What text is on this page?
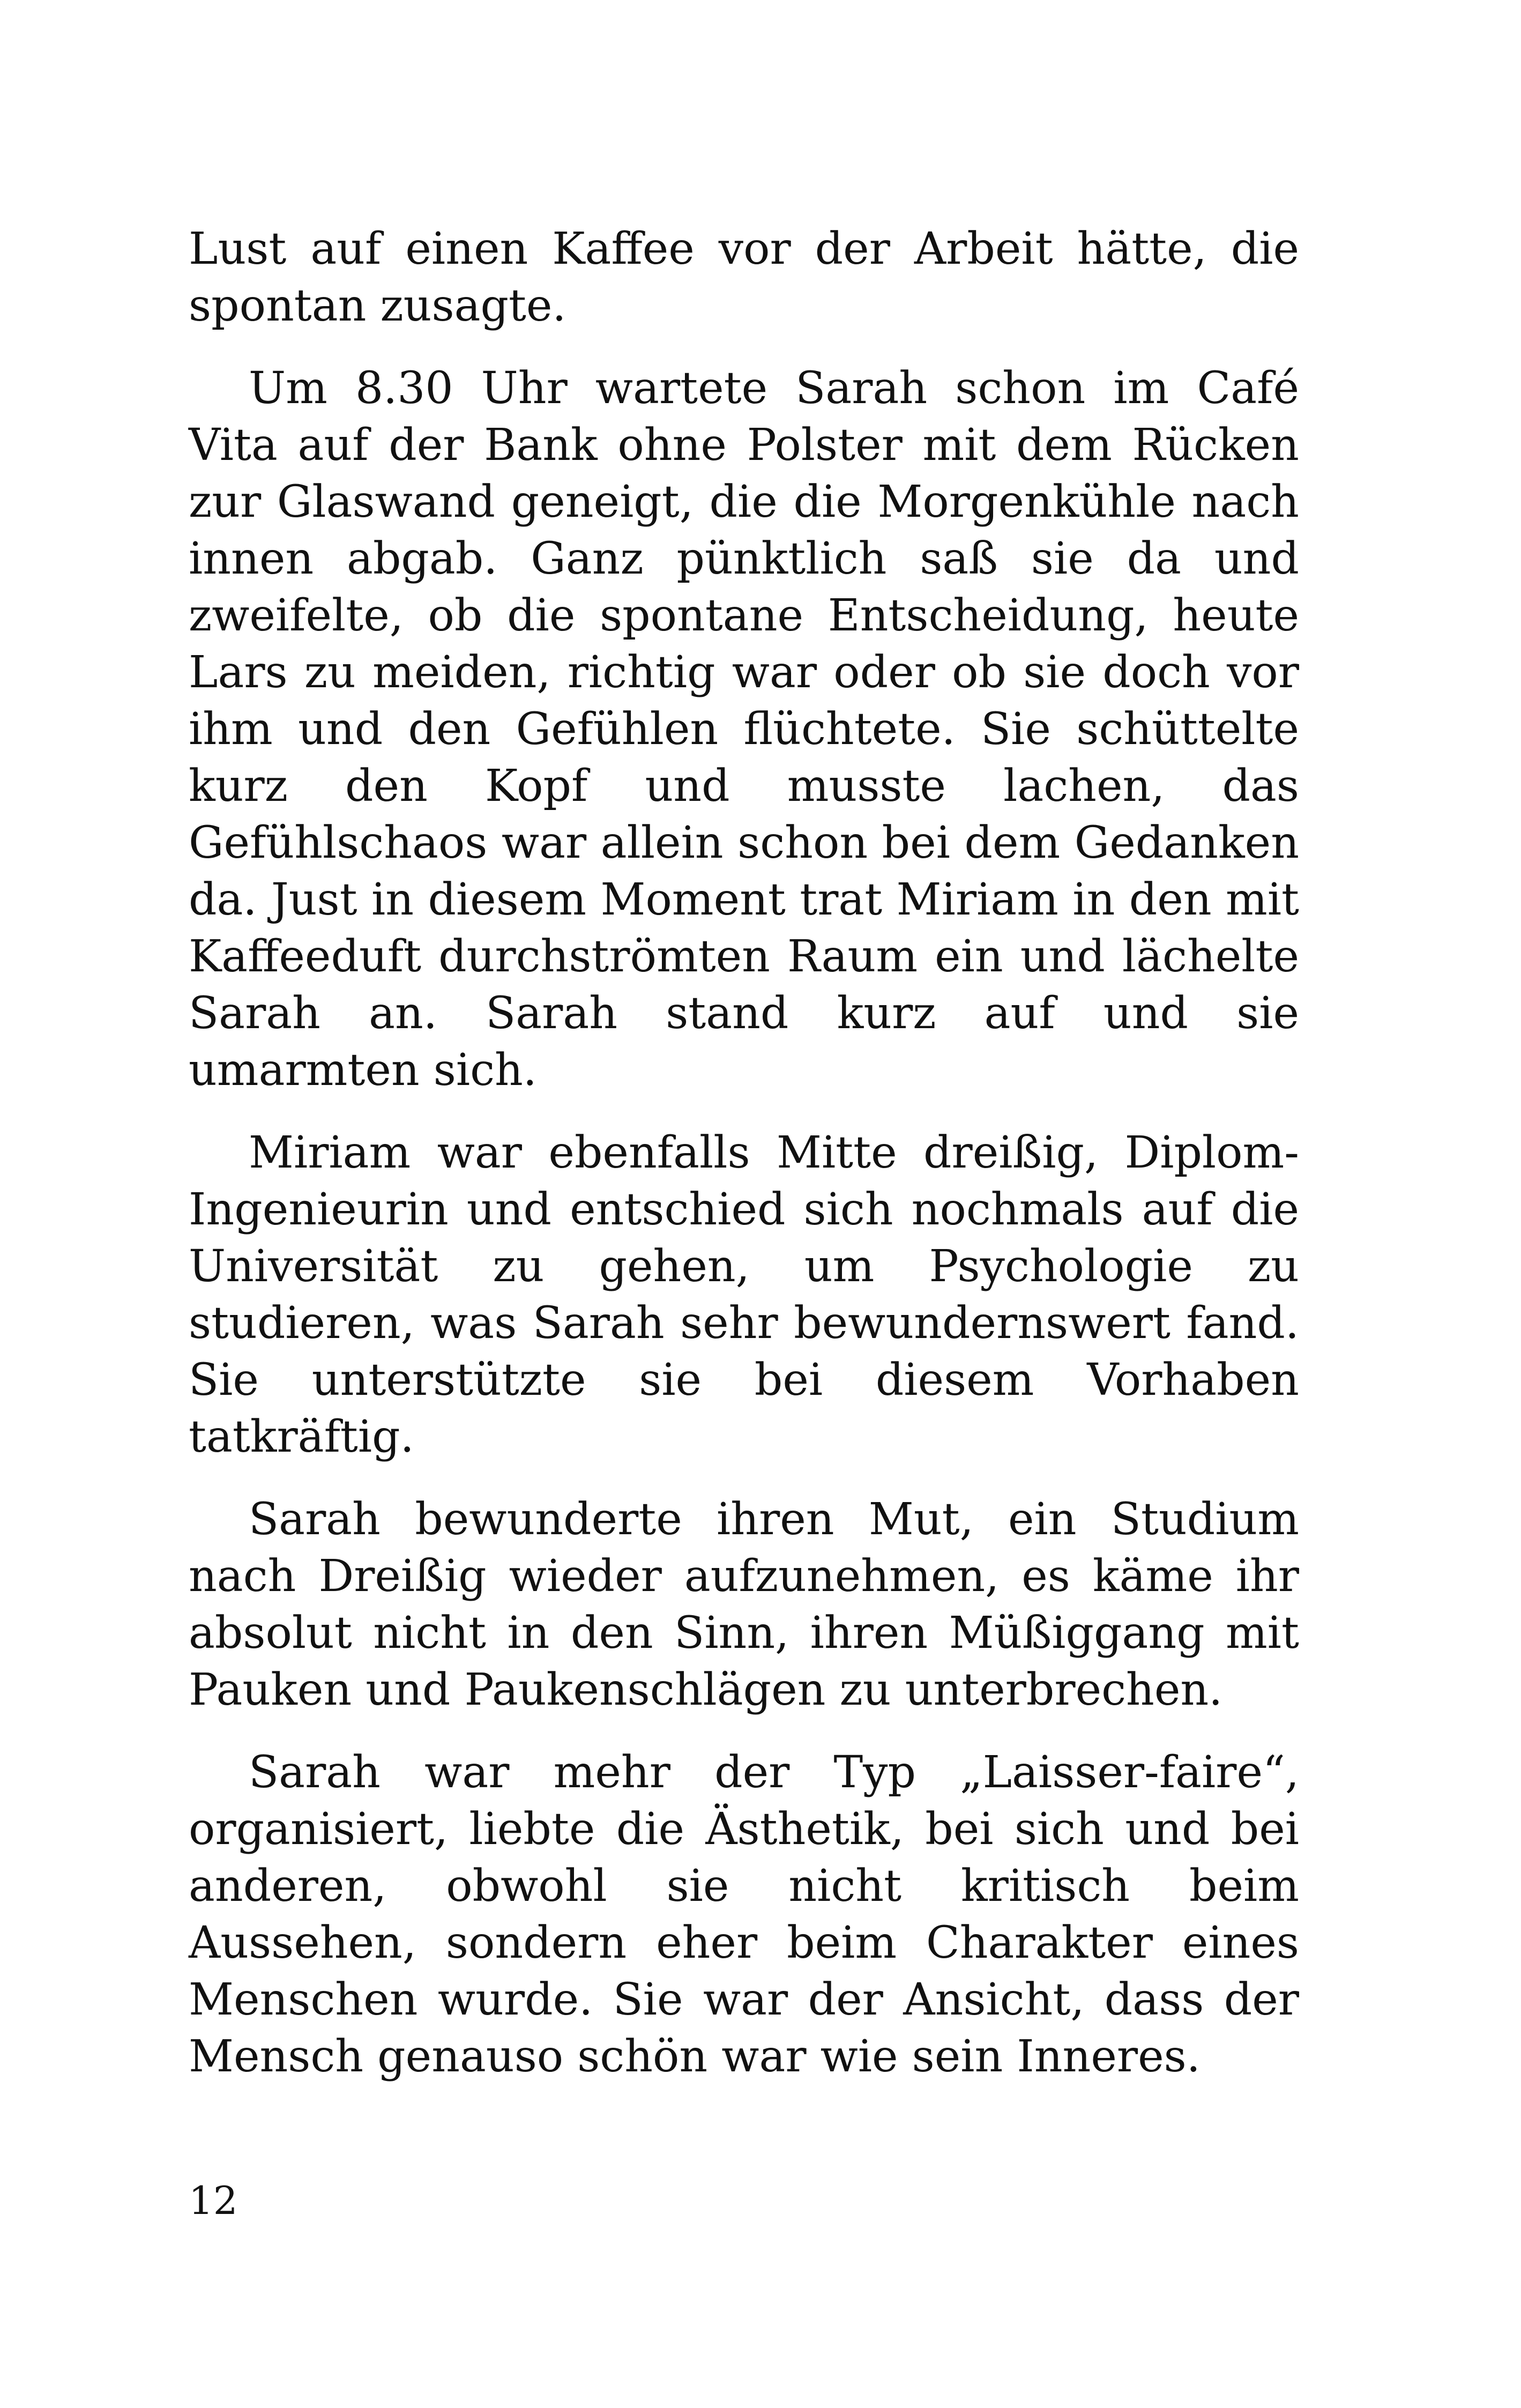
Lust auf einen Kaffee vor der Arbeit hätte, die spontan zusagte.

Um 8.30 Uhr wartete Sarah schon im Café Vita auf der Bank ohne Polster mit dem Rücken zur Glaswand geneigt, die die Morgenkühle nach innen abgab. Ganz pünktlich saß sie da und zweifelte, ob die spontane Entscheidung, heute Lars zu meiden, richtig war oder ob sie doch vor ihm und den Gefühlen flüchtete. Sie schüttelte kurz den Kopf und musste lachen, das Gefühlschaos war allein schon bei dem Gedanken da. Just in diesem Moment trat Miriam in den mit Kaffeeduft durchströmten Raum ein und lächelte Sarah an. Sarah stand kurz auf und sie umarmten sich.

Miriam war ebenfalls Mitte dreißig, Diplom-Ingenieurin und entschied sich nochmals auf die Universität zu gehen, um Psychologie zu studieren, was Sarah sehr bewundernswert fand. Sie unterstützte sie bei diesem Vorhaben tatkräftig.

Sarah bewunderte ihren Mut, ein Studium nach Dreißig wieder aufzunehmen, es käme ihr absolut nicht in den Sinn, ihren Müßiggang mit Pauken und Paukenschlägen zu unterbrechen.

Sarah war mehr der Typ „Laisser-faire“, organisiert, liebte die Ästhetik, bei sich und bei anderen, obwohl sie nicht kritisch beim Aussehen, sondern eher beim Charakter eines Menschen wurde. Sie war der Ansicht, dass der Mensch genauso schön war wie sein Inneres.

12
